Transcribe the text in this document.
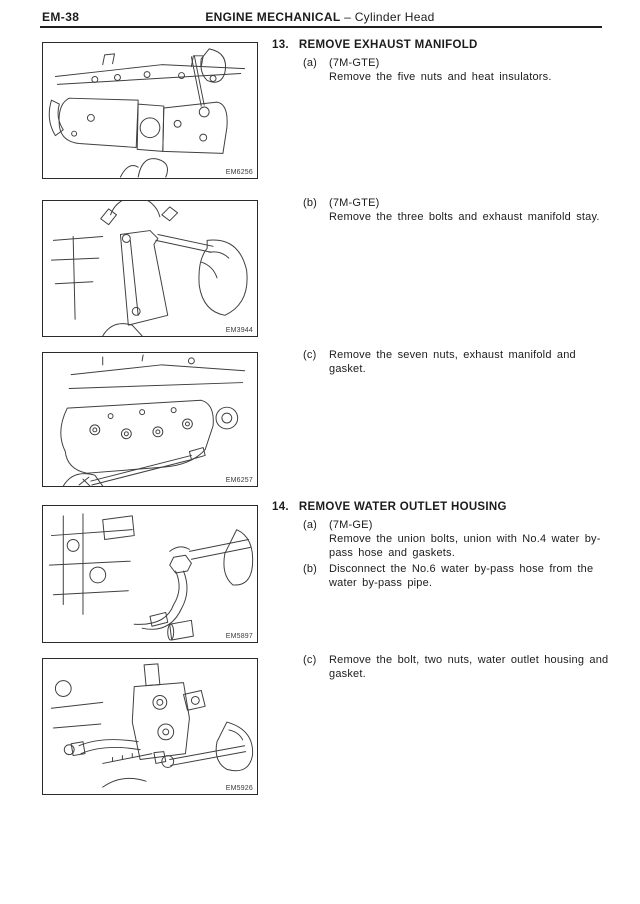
EM-38	ENGINE MECHANICAL – Cylinder Head
EM6256
EM3944
EM6257
EM5897
EM5926
13. REMOVE EXHAUST MANIFOLD
(a)	(7M-GTE)
Remove the five nuts and heat insulators.
(b)	(7M-GTE)
Remove the three bolts and exhaust manifold stay.
(c)	Remove the seven nuts, exhaust manifold and gasket.
14. REMOVE WATER OUTLET HOUSING
(a)	(7M-GE)
Remove the union bolts, union with No.4 water by-
pass hose and gaskets.
(b)	Disconnect the No.6 water by-pass hose from the
water by-pass pipe.
(c)	Remove the bolt, two nuts, water outlet housing and
gasket.
